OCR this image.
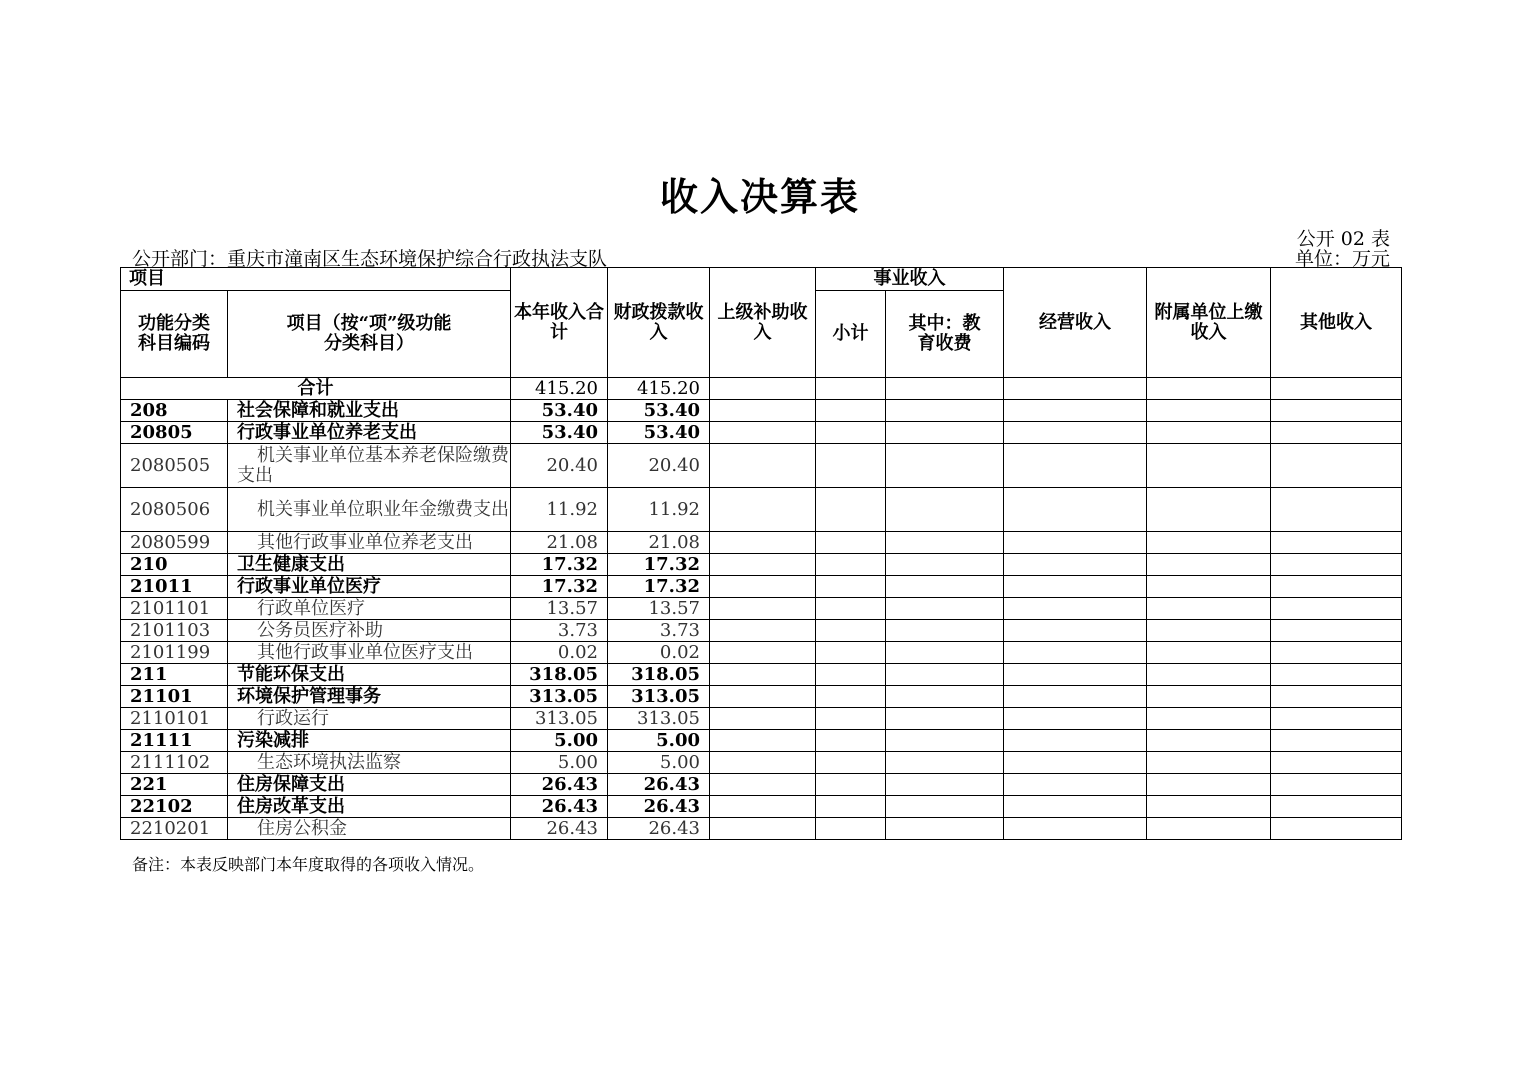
收入决算表
公开 02 表
公开部门：重庆市潼南区生态环境保护综合行政执法支队	单位：万元
项目		本年收入合计	财政拨款收入	上级补助收入	事业收入		经营收入	附属单位上缴收入	其他收入
功能分类科目编码	项目（按“项”级功能分类科目）				小计	其中：教育收费			
合计		415.20	415.20						
208	社会保障和就业支出	53.40	53.40						
20805	行政事业单位养老支出	53.40	53.40						
2080505	机关事业单位基本养老保险缴费支出	20.40	20.40						
2080506	机关事业单位职业年金缴费支出	11.92	11.92						
2080599	其他行政事业单位养老支出	21.08	21.08						
210	卫生健康支出	17.32	17.32						
21011	行政事业单位医疗	17.32	17.32						
2101101	行政单位医疗	13.57	13.57						
2101103	公务员医疗补助	3.73	3.73						
2101199	其他行政事业单位医疗支出	0.02	0.02						
211	节能环保支出	318.05	318.05						
21101	环境保护管理事务	313.05	313.05						
2110101	行政运行	313.05	313.05						
21111	污染减排	5.00	5.00						
2111102	生态环境执法监察	5.00	5.00						
221	住房保障支出	26.43	26.43						
22102	住房改革支出	26.43	26.43						
2210201	住房公积金	26.43	26.43						
备注：本表反映部门本年度取得的各项收入情况。
